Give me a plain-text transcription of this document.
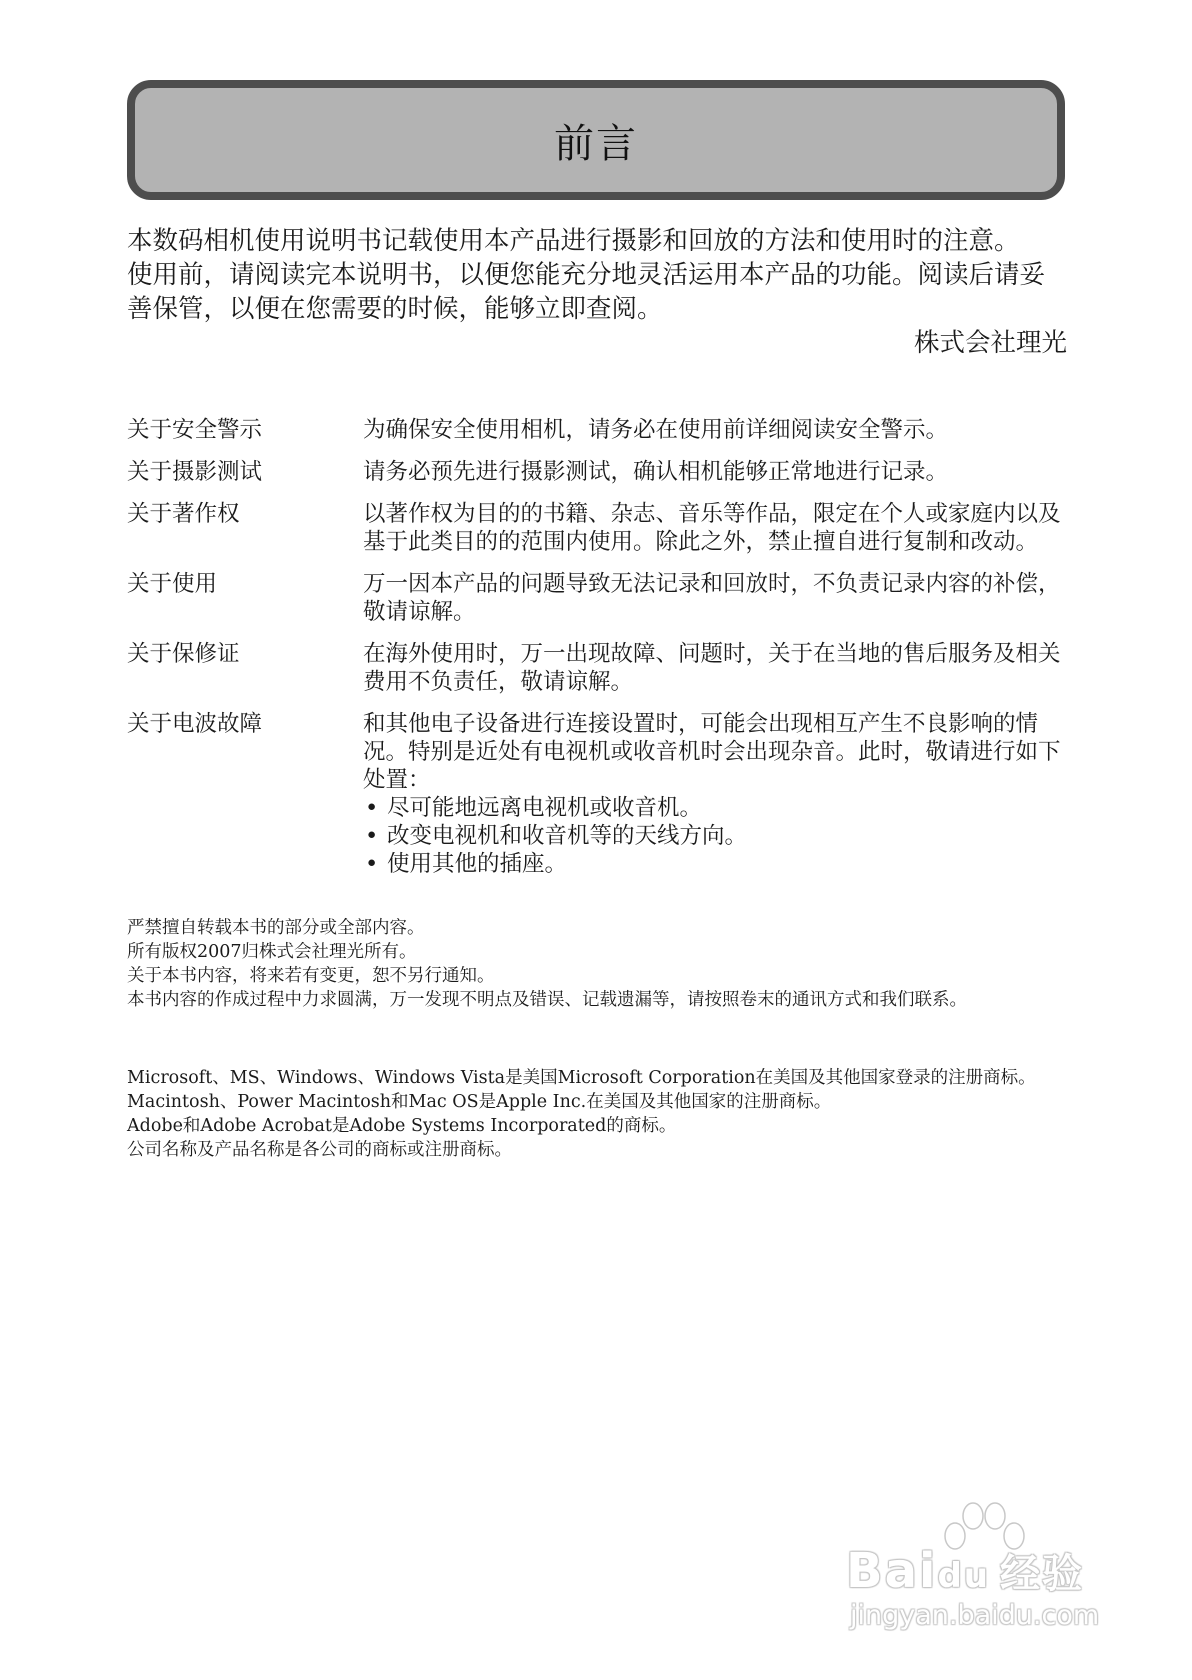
前言

本数码相机使用说明书记载使用本产品进行摄影和回放的方法和使用时的注意。

使用前，请阅读完本说明书，以便您能充分地灵活运用本产品的功能。阅读后请妥善保管，以便在您需要的时候，能够立即查阅。

株式会社理光

关于安全警示	为确保安全使用相机，请务必在使用前详细阅读安全警示。
关于摄影测试	请务必预先进行摄影测试，确认相机能够正常地进行记录。
关于著作权	以著作权为目的的书籍、杂志、音乐等作品，限定在个人或家庭内以及基于此类目的的范围内使用。除此之外，禁止擅自进行复制和改动。
关于使用	万一因本产品的问题导致无法记录和回放时，不负责记录内容的补偿，敬请谅解。
关于保修证	在海外使用时，万一出现故障、问题时，关于在当地的售后服务及相关费用不负责任，敬请谅解。
关于电波故障	和其他电子设备进行连接设置时，可能会出现相互产生不良影响的情况。特别是近处有电视机或收音机时会出现杂音。此时，敬请进行如下处置：

• 尽可能地远离电视机或收音机。
• 改变电视机和收音机等的天线方向。
• 使用其他的插座。

严禁擅自转载本书的部分或全部内容。

所有版权2007归株式会社理光所有。

关于本书内容，将来若有变更，恕不另行通知。

本书内容的作成过程中力求圆满，万一发现不明点及错误、记载遗漏等，请按照卷末的通讯方式和我们联系。

Microsoft、MS、Windows、Windows Vista是美国Microsoft Corporation在美国及其他国家登录的注册商标。

Macintosh、Power Macintosh和Mac OS是Apple Inc.在美国及其他国家的注册商标。

Adobe和Adobe Acrobat是Adobe Systems Incorporated的商标。

公司名称及产品名称是各公司的商标或注册商标。

Baidu 经验
jingyan.baidu.com
